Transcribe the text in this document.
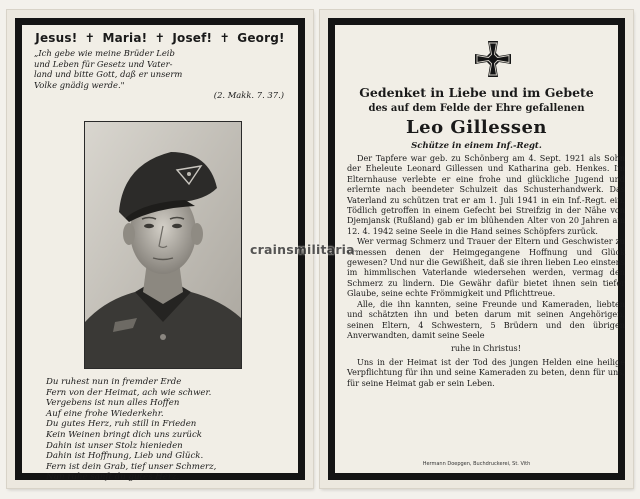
Jesus! ✝ Maria! ✝ Josef! ✝ Georg!
„Ich gebe wie meine Brüder Leib
und Leben für Gesetz und Vater-
land und bitte Gott, daß er unserm
Volke gnädig werde."
(2. Makk. 7. 37.)
Du ruhest nun in fremder Erde
Fern von der Heimat, ach wie schwer.
Vergebens ist nun alles Hoffen
Auf eine frohe Wiederkehr.
Du gutes Herz, ruh still in Frieden
Kein Weinen bringt dich uns zurück
Dahin ist unser Stolz hienieden
Dahin ist Hoffnung, Lieb und Glück.
Fern ist dein Grab, tief unser Schmerz,
Nun ruhe sanft du gutes Herz.
Gedenket in Liebe und im Gebete
des auf dem Felde der Ehre gefallenen
Leo Gillessen
Schütze in einem Inf.-Regt.

Der Tapfere war geb. zu Schönberg am 4. Sept. 1921 als Sohn der Eheleute Leonard Gillessen und Katharina geb. Henkes. Im Elternhause verlebte er eine frohe und glückliche Jugend und erlernte nach beendeter Schulzeit das Schusterhandwerk. Das Vaterland zu schützen trat er am 1. Juli 1941 in ein Inf.-Regt. ein. Tödlich getroffen in einem Gefecht bei Streifzig in der Nähe von Djemjansk (Rußland) gab er im blühenden Alter von 20 Jahren am 12. 4. 1942 seine Seele in die Hand seines Schöpfers zurück.

Wer vermag Schmerz und Trauer der Eltern und Geschwister zu ermessen denen der Heimgegangene Hoffnung und Glück gewesen? Und nur die Gewißheit, daß sie ihren lieben Leo einstens im himmlischen Vaterlande wiedersehen werden, vermag den Schmerz zu lindern. Die Gewähr dafür bietet ihnen sein tiefer Glaube, seine echte Frömmigkeit und Pflichttreue.

Alle, die ihn kannten, seine Freunde und Kameraden, liebten und schätzten ihn und beten darum mit seinen Angehörigen, seinen Eltern, 4 Schwestern, 5 Brüdern und den übrigen Anverwandten, damit seine Seele

ruhe in Christus!

Uns in der Heimat ist der Tod des jungen Helden eine heilige Verpflichtung für ihn und seine Kameraden zu beten, denn für uns, für seine Heimat gab er sein Leben.

Hermann Doepgen, Buchdruckerei, St. Vith
crainsmilitaria
